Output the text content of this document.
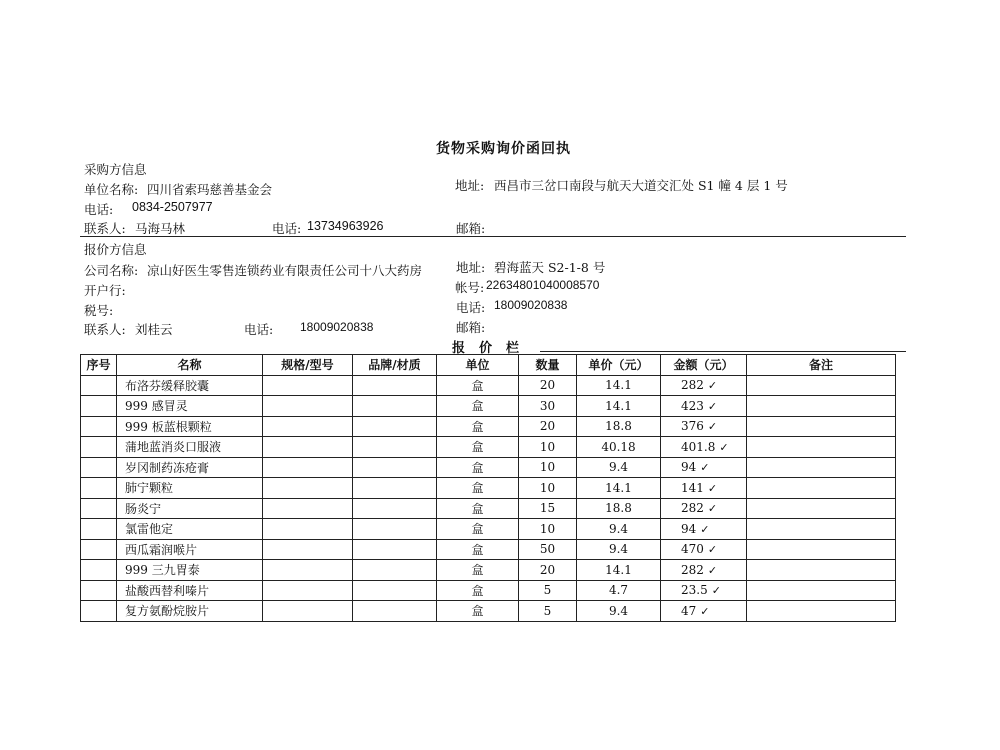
货物采购询价函回执
采购方信息
单位名称: 四川省索玛慈善基金会	地址: 西昌市三岔口南段与航天大道交汇处 S1 幢 4 层 1 号
电话: 0834-2507977
联系人: 马海马林	电话: 13734963926	邮箱:
报价方信息
公司名称: 凉山好医生零售连锁药业有限责任公司十八大药房	地址: 碧海蓝天 S2-1-8 号
开户行:	帐号: 22634801040008570
税号:	电话: 18009020838
联系人: 刘桂云	电话: 18009020838	邮箱:
报价栏
序号	名称	规格/型号	品牌/材质	单位	数量	单价（元）	金额（元）	备注
	布洛芬缓释胶囊			盒	20	14.1	282 ✓	
	999 感冒灵			盒	30	14.1	423 ✓	
	999 板蓝根颗粒			盒	20	18.8	376 ✓	
	蒲地蓝消炎口服液			盒	10	40.18	401.8 ✓	
	岁冈制药冻疮膏			盒	10	9.4	94 ✓	
	肺宁颗粒			盒	10	14.1	141 ✓	
	肠炎宁			盒	15	18.8	282 ✓	
	氯雷他定			盒	10	9.4	94 ✓	
	西瓜霜润喉片			盒	50	9.4	470 ✓	
	999 三九胃泰			盒	20	14.1	282 ✓	
	盐酸西替利嗪片			盒	5	4.7	23.5 ✓	
	复方氨酚烷胺片			盒	5	9.4	47 ✓	
